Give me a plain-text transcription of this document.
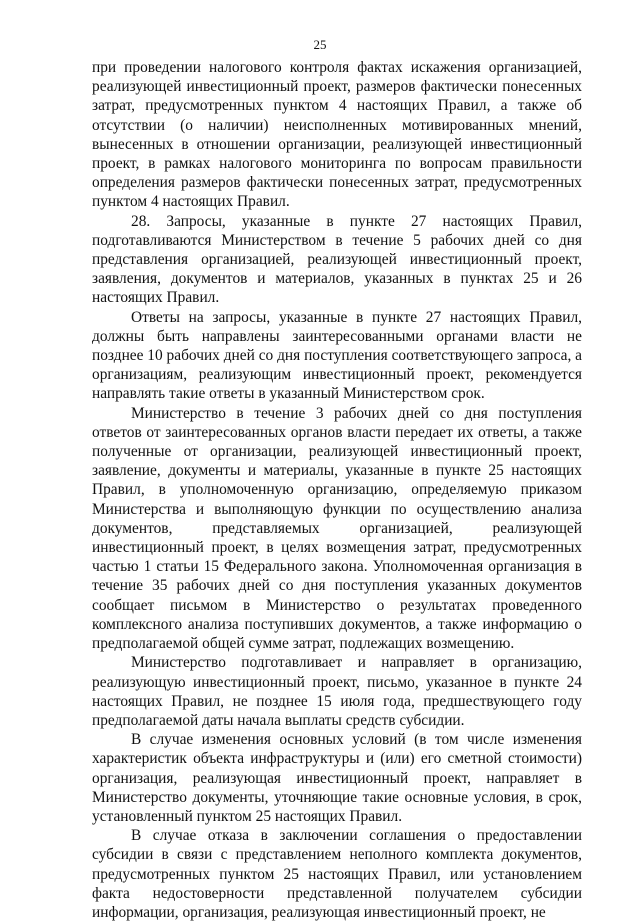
25

при проведении налогового контроля фактах искажения организацией, реализующей инвестиционный проект, размеров фактически понесенных затрат, предусмотренных пунктом 4 настоящих Правил, а также об отсутствии (о наличии) неисполненных мотивированных мнений, вынесенных в отношении организации, реализующей инвестиционный проект, в рамках налогового мониторинга по вопросам правильности определения размеров фактически понесенных затрат, предусмотренных пунктом 4 настоящих Правил.

28. Запросы, указанные в пункте 27 настоящих Правил, подготавливаются Министерством в течение 5 рабочих дней со дня представления организацией, реализующей инвестиционный проект, заявления, документов и материалов, указанных в пунктах 25 и 26 настоящих Правил.

Ответы на запросы, указанные в пункте 27 настоящих Правил, должны быть направлены заинтересованными органами власти не позднее 10 рабочих дней со дня поступления соответствующего запроса, а организациям, реализующим инвестиционный проект, рекомендуется направлять такие ответы в указанный Министерством срок.

Министерство в течение 3 рабочих дней со дня поступления ответов от заинтересованных органов власти передает их ответы, а также полученные от организации, реализующей инвестиционный проект, заявление, документы и материалы, указанные в пункте 25 настоящих Правил, в уполномоченную организацию, определяемую приказом Министерства и выполняющую функции по осуществлению анализа документов, представляемых организацией, реализующей инвестиционный проект, в целях возмещения затрат, предусмотренных частью 1 статьи 15 Федерального закона. Уполномоченная организация в течение 35 рабочих дней со дня поступления указанных документов сообщает письмом в Министерство о результатах проведенного комплексного анализа поступивших документов, а также информацию о предполагаемой общей сумме затрат, подлежащих возмещению.

Министерство подготавливает и направляет в организацию, реализующую инвестиционный проект, письмо, указанное в пункте 24 настоящих Правил, не позднее 15 июля года, предшествующего году предполагаемой даты начала выплаты средств субсидии.

В случае изменения основных условий (в том числе изменения характеристик объекта инфраструктуры и (или) его сметной стоимости) организация, реализующая инвестиционный проект, направляет в Министерство документы, уточняющие такие основные условия, в срок, установленный пунктом 25 настоящих Правил.

В случае отказа в заключении соглашения о предоставлении субсидии в связи с представлением неполного комплекта документов, предусмотренных пунктом 25 настоящих Правил, или установлением факта недостоверности представленной получателем субсидии информации, организация, реализующая инвестиционный проект, не
